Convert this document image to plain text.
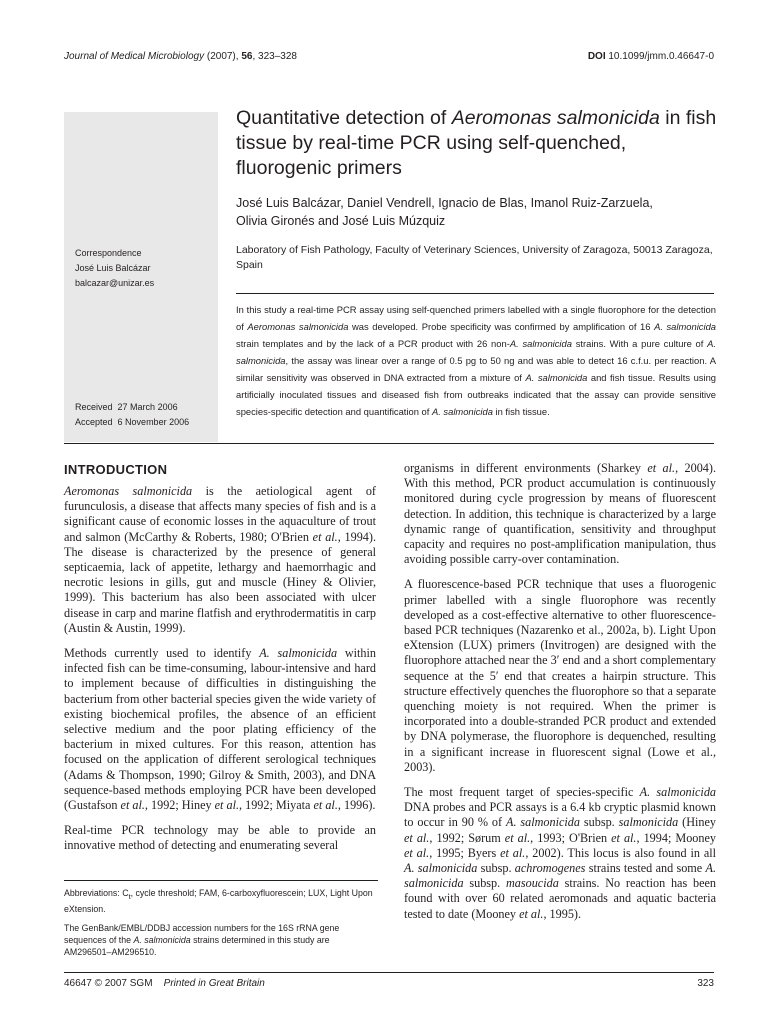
Journal of Medical Microbiology (2007), 56, 323–328	DOI 10.1099/jmm.0.46647-0
Correspondence
José Luis Balcázar
balcazar@unizar.es
Received 27 March 2006
Accepted 6 November 2006
Quantitative detection of Aeromonas salmonicida in fish tissue by real-time PCR using self-quenched, fluorogenic primers
José Luis Balcázar, Daniel Vendrell, Ignacio de Blas, Imanol Ruiz-Zarzuela,
Olivia Gironés and José Luis Múzquiz
Laboratory of Fish Pathology, Faculty of Veterinary Sciences, University of Zaragoza, 50013 Zaragoza, Spain
In this study a real-time PCR assay using self-quenched primers labelled with a single fluorophore for the detection of Aeromonas salmonicida was developed. Probe specificity was confirmed by amplification of 16 A. salmonicida strain templates and by the lack of a PCR product with 26 non-A. salmonicida strains. With a pure culture of A. salmonicida, the assay was linear over a range of 0.5 pg to 50 ng and was able to detect 16 c.f.u. per reaction. A similar sensitivity was observed in DNA extracted from a mixture of A. salmonicida and fish tissue. Results using artificially inoculated tissues and diseased fish from outbreaks indicated that the assay can provide sensitive species-specific detection and quantification of A. salmonicida in fish tissue.
INTRODUCTION

Aeromonas salmonicida is the aetiological agent of furunculosis, a disease that affects many species of fish and is a significant cause of economic losses in the aquaculture of trout and salmon (McCarthy & Roberts, 1980; O'Brien et al., 1994). The disease is characterized by the presence of general septicaemia, lack of appetite, lethargy and haemorrhagic and necrotic lesions in gills, gut and muscle (Hiney & Olivier, 1999). This bacterium has also been associated with ulcer disease in carp and marine flatfish and erythrodermatitis in carp (Austin & Austin, 1999).

Methods currently used to identify A. salmonicida within infected fish can be time-consuming, labour-intensive and hard to implement because of difficulties in distinguishing the bacterium from other bacterial species given the wide variety of existing biochemical profiles, the absence of an efficient selective medium and the poor plating efficiency of the bacterium in mixed cultures. For this reason, attention has focused on the application of different serological techniques (Adams & Thompson, 1990; Gilroy & Smith, 2003), and DNA sequence-based methods employing PCR have been developed (Gustafson et al., 1992; Hiney et al., 1992; Miyata et al., 1996).

Real-time PCR technology may be able to provide an innovative method of detecting and enumerating several

Abbreviations: $C_t$, cycle threshold; FAM, 6-carboxyfluorescein; LUX, Light Upon eXtension.

The GenBank/EMBL/DDBJ accession numbers for the 16S rRNA gene sequences of the A. salmonicida strains determined in this study are AM296501–AM296510.

organisms in different environments (Sharkey et al., 2004). With this method, PCR product accumulation is continuously monitored during cycle progression by means of fluorescent detection. In addition, this technique is characterized by a large dynamic range of quantification, sensitivity and throughput capacity and requires no post-amplification manipulation, thus avoiding possible carry-over contamination.

A fluorescence-based PCR technique that uses a fluorogenic primer labelled with a single fluorophore was recently developed as a cost-effective alternative to other fluorescence-based PCR techniques (Nazarenko et al., 2002a, b). Light Upon eXtension (LUX) primers (Invitrogen) are designed with the fluorophore attached near the 3′ end and a short complementary sequence at the 5′ end that creates a hairpin structure. This structure effectively quenches the fluorophore so that a separate quenching moiety is not required. When the primer is incorporated into a double-stranded PCR product and extended by DNA polymerase, the fluorophore is dequenched, resulting in a significant increase in fluorescent signal (Lowe et al., 2003).

The most frequent target of species-specific A. salmonicida DNA probes and PCR assays is a 6.4 kb cryptic plasmid known to occur in 90 % of A. salmonicida subsp. salmonicida (Hiney et al., 1992; Sørum et al., 1993; O'Brien et al., 1994; Mooney et al., 1995; Byers et al., 2002). This locus is also found in all A. salmonicida subsp. achromogenes strains tested and some A. salmonicida subsp. masoucida strains. No reaction has been found with over 60 related aeromonads and aquatic bacteria tested to date (Mooney et al., 1995).

46647 © 2007 SGM Printed in Great Britain	323
